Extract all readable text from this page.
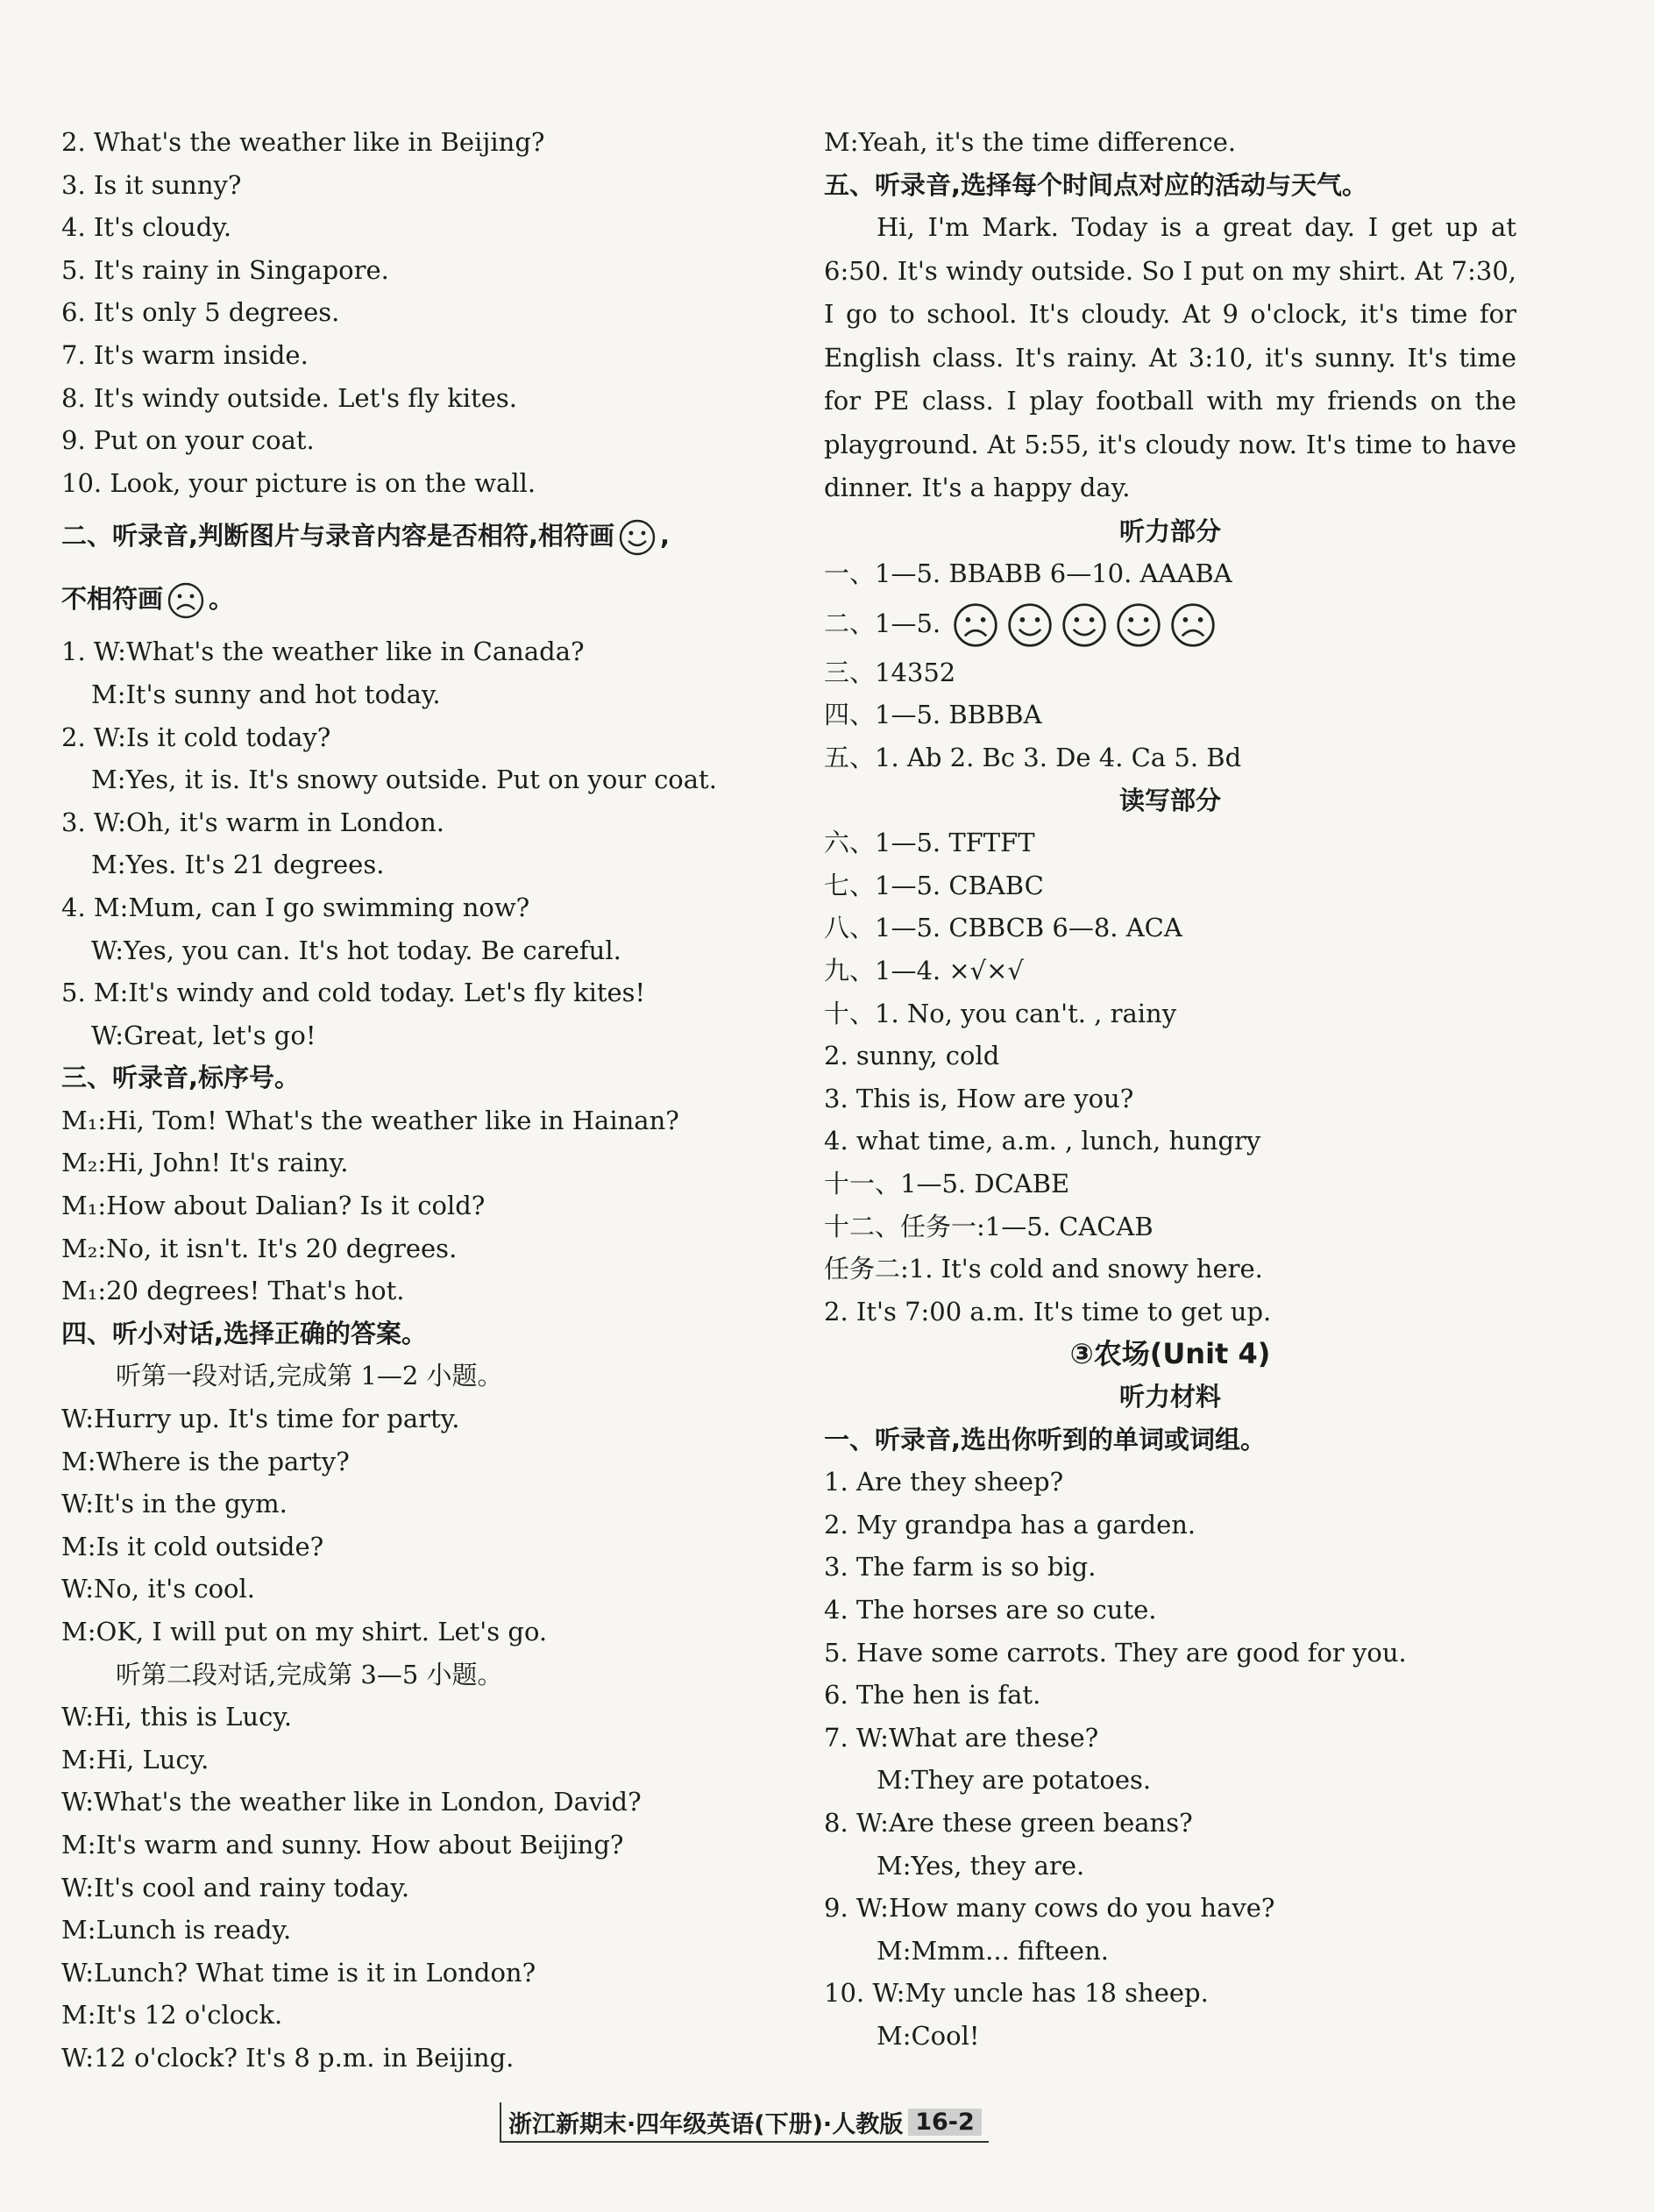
2. What's the weather like in Beijing?
3. Is it sunny?
4. It's cloudy.
5. It's rainy in Singapore.
6. It's only 5 degrees.
7. It's warm inside.
8. It's windy outside. Let's fly kites.
9. Put on your coat.
10. Look, your picture is on the wall.
二、听录音,判断图片与录音内容是否相符,相符画 ,
不相符画 。
1. W:What's the weather like in Canada?
M:It's sunny and hot today.
2. W:Is it cold today?
M:Yes, it is. It's snowy outside. Put on your coat.
3. W:Oh, it's warm in London.
M:Yes. It's 21 degrees.
4. M:Mum, can I go swimming now?
W:Yes, you can. It's hot today. Be careful.
5. M:It's windy and cold today. Let's fly kites!
W:Great, let's go!
三、听录音,标序号。
M₁:Hi, Tom! What's the weather like in Hainan?
M₂:Hi, John! It's rainy.
M₁:How about Dalian? Is it cold?
M₂:No, it isn't. It's 20 degrees.
M₁:20 degrees! That's hot.
四、听小对话,选择正确的答案。
听第一段对话,完成第 1—2 小题。
W:Hurry up. It's time for party.
M:Where is the party?
W:It's in the gym.
M:Is it cold outside?
W:No, it's cool.
M:OK, I will put on my shirt. Let's go.
听第二段对话,完成第 3—5 小题。
W:Hi, this is Lucy.
M:Hi, Lucy.
W:What's the weather like in London, David?
M:It's warm and sunny. How about Beijing?
W:It's cool and rainy today.
M:Lunch is ready.
W:Lunch? What time is it in London?
M:It's 12 o'clock.
W:12 o'clock? It's 8 p.m. in Beijing.
M:Yeah, it's the time difference.
五、听录音,选择每个时间点对应的活动与天气。
Hi, I'm Mark. Today is a great day. I get up at 6:50. It's windy outside. So I put on my shirt. At 7:30, I go to school. It's cloudy. At 9 o'clock, it's time for English class. It's rainy. At 3:10, it's sunny. It's time for PE class. I play football with my friends on the playground. At 5:55, it's cloudy now. It's time to have dinner. It's a happy day.
听力部分
一、1—5. BBABB 6—10. AAABA
二、1—5.
三、14352
四、1—5. BBBBA
五、1. Ab 2. Bc 3. De 4. Ca 5. Bd
读写部分
六、1—5. TFTFT
七、1—5. CBABC
八、1—5. CBBCB 6—8. ACA
九、1—4. ×√×√
十、1. No, you can't. , rainy
2. sunny, cold
3. This is, How are you?
4. what time, a.m. , lunch, hungry
十一、1—5. DCABE
十二、任务一:1—5. CACAB
任务二:1. It's cold and snowy here.
2. It's 7:00 a.m. It's time to get up.
③农场(Unit 4)
听力材料
一、听录音,选出你听到的单词或词组。
1. Are they sheep?
2. My grandpa has a garden.
3. The farm is so big.
4. The horses are so cute.
5. Have some carrots. They are good for you.
6. The hen is fat.
7. W:What are these?
M:They are potatoes.
8. W:Are these green beans?
M:Yes, they are.
9. W:How many cows do you have?
M:Mmm... fifteen.
10. W:My uncle has 18 sheep.
M:Cool!
浙江新期末·四年级英语(下册)·人教版 16-2
